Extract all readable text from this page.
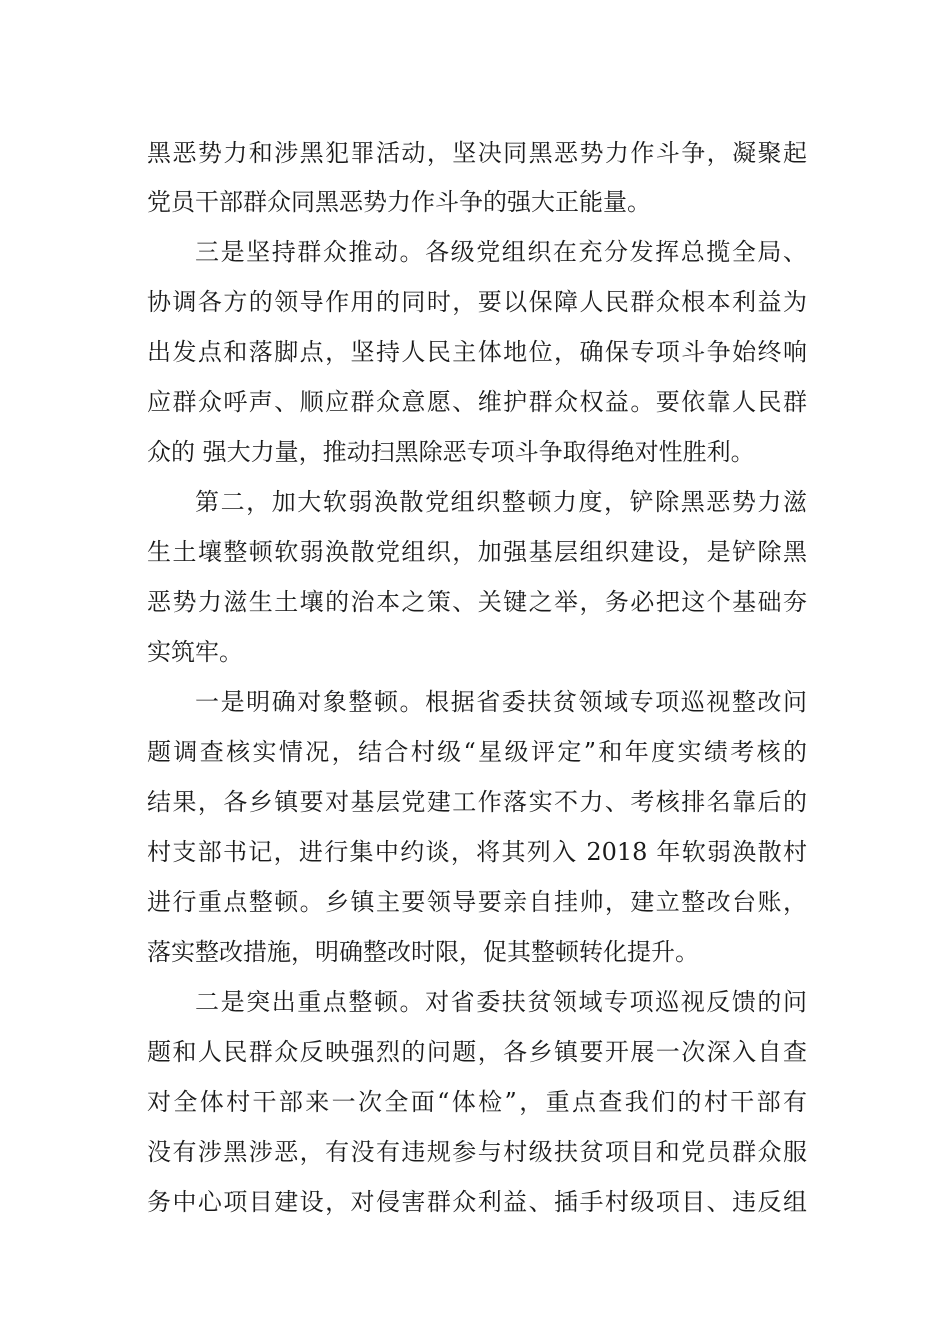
黑恶势力和涉黑犯罪活动，坚决同黑恶势力作斗争，凝聚起
党员干部群众同黑恶势力作斗争的强大正能量。
三是坚持群众推动。各级党组织在充分发挥总揽全局、
协调各方的领导作用的同时，要以保障人民群众根本利益为
出发点和落脚点，坚持人民主体地位，确保专项斗争始终响
应群众呼声、顺应群众意愿、维护群众权益。要依靠人民群
众的 强大力量，推动扫黑除恶专项斗争取得绝对性胜利。
第二，加大软弱涣散党组织整顿力度，铲除黑恶势力滋
生土壤整顿软弱涣散党组织，加强基层组织建设，是铲除黑
恶势力滋生土壤的治本之策、关键之举，务必把这个基础夯
实筑牢。
一是明确对象整顿。根据省委扶贫领域专项巡视整改问
题调查核实情况，结合村级“星级评定”和年度实绩考核的
结果，各乡镇要对基层党建工作落实不力、考核排名靠后的
村支部书记，进行集中约谈，将其列入 2018 年软弱涣散村
进行重点整顿。乡镇主要领导要亲自挂帅，建立整改台账，
落实整改措施，明确整改时限，促其整顿转化提升。
二是突出重点整顿。对省委扶贫领域专项巡视反馈的问
题和人民群众反映强烈的问题，各乡镇要开展一次深入自查
对全体村干部来一次全面“体检”，重点查我们的村干部有
没有涉黑涉恶，有没有违规参与村级扶贫项目和党员群众服
务中心项目建设，对侵害群众利益、插手村级项目、违反组
